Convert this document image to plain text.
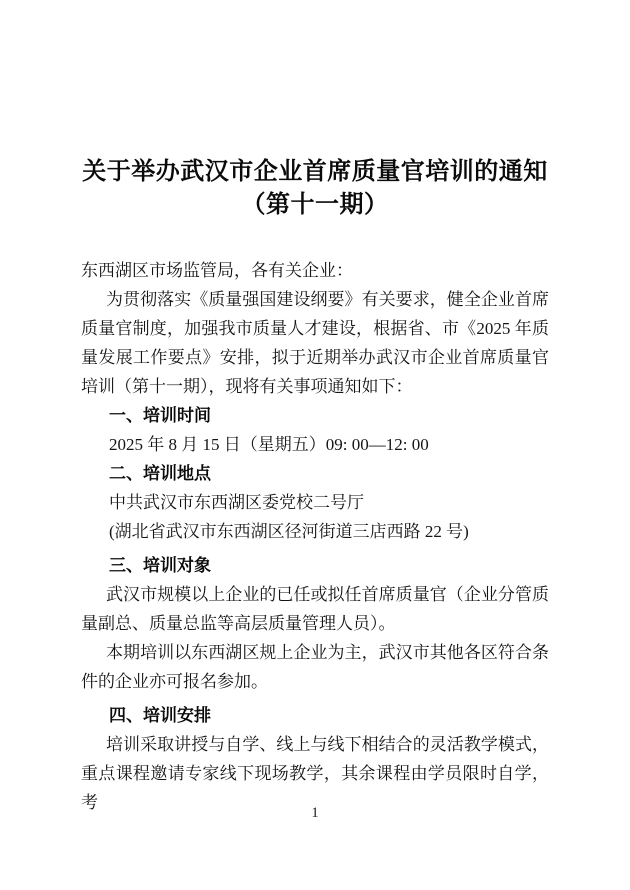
关于举办武汉市企业首席质量官培训的通知
（第十一期）

东西湖区市场监管局，各有关企业：

为贯彻落实《质量强国建设纲要》有关要求，健全企业首席质量官制度，加强我市质量人才建设，根据省、市《2025 年质量发展工作要点》安排，拟于近期举办武汉市企业首席质量官培训（第十一期），现将有关事项通知如下：

一、培训时间

2025 年 8 月 15 日（星期五）09: 00—12: 00

二、培训地点

中共武汉市东西湖区委党校二号厅

(湖北省武汉市东西湖区径河街道三店西路 22 号)

三、培训对象

武汉市规模以上企业的已任或拟任首席质量官（企业分管质量副总、质量总监等高层质量管理人员）。

本期培训以东西湖区规上企业为主，武汉市其他各区符合条件的企业亦可报名参加。

四、培训安排

培训采取讲授与自学、线上与线下相结合的灵活教学模式，重点课程邀请专家线下现场教学，其余课程由学员限时自学，考

1
